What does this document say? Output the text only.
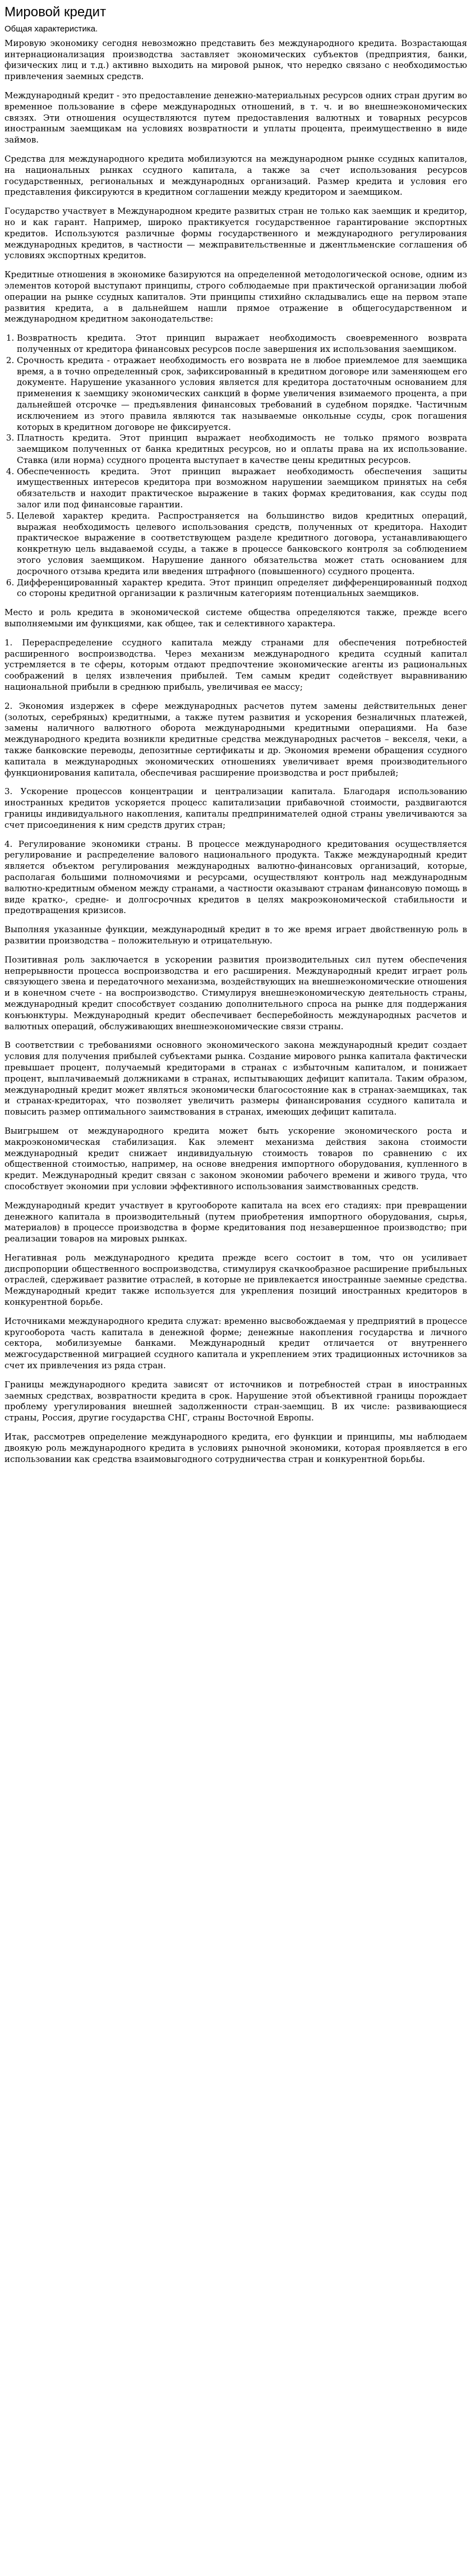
Мировой кредит
Общая характеристика.

Мировую экономику сегодня невозможно представить без международного кредита. Возрастающая интернационализация производства заставляет экономических субъектов (предприятия, банки, физических лиц и т.д.) активно выходить на мировой рынок, что нередко связано с необходимостью привлечения заемных средств.

Международный кредит - это предоставление денежно-материальных ресурсов одних стран другим во временное пользование в сфере международных отношений, в т. ч. и во внешнеэкономических связях. Эти отношения осуществляются путем предоставления валютных и товарных ресурсов иностранным заемщикам на условиях возвратности и уплаты процента, преимущественно в виде займов.

Средства для международного кредита мобилизуются на международном рынке ссудных капиталов, на национальных рынках ссудного капитала, а также за счет использования ресурсов государственных, региональных и международных организаций. Размер кредита и условия его представления фиксируются в кредитном соглашении между кредитором и заемщиком.

Государство участвует в Международном кредите развитых стран не только как заемщик и кредитор, но и как гарант. Например, широко практикуется государственное гарантирование экспортных кредитов. Используются различные формы государственного и международного регулирования международных кредитов, в частности — межправительственные и джентльменские соглашения об условиях экспортных кредитов.

Кредитные отношения в экономике базируются на определенной методологической основе, одним из элементов которой выступают принципы, строго соблюдаемые при практической организации любой операции на рынке ссудных капиталов. Эти принципы стихийно складывались еще на первом этапе развития кредита, а в дальнейшем нашли прямое отражение в общегосударственном и международном кредитном законодательстве:

1. Возвратность кредита. Этот принцип выражает необходимость своевременного возврата полученных от кредитора финансовых ресурсов после завершения их использования заемщиком.
2. Срочность кредита - отражает необходимость его возврата не в любое приемлемое для заемщика время, а в точно определенный срок, зафиксированный в кредитном договоре или заменяющем его документе. Нарушение указанного условия является для кредитора достаточным основанием для применения к заемщику экономических санкций в форме увеличения взимаемого процента, а при дальнейшей отсрочке — предъявления финансовых требований в судебном порядке. Частичным исключением из этого правила являются так называемые онкольные ссуды, срок погашения которых в кредитном договоре не фиксируется.
3. Платность кредита. Этот принцип выражает необходимость не только прямого возврата заемщиком полученных от банка кредитных ресурсов, но и оплаты права на их использование. Ставка (или норма) ссудного процента выступает в качестве цены кредитных ресурсов.
4. Обеспеченность кредита. Этот принцип выражает необходимость обеспечения защиты имущественных интересов кредитора при возможном нарушении заемщиком принятых на себя обязательств и находит практическое выражение в таких формах кредитования, как ссуды под залог или под финансовые гарантии.
5. Целевой характер кредита. Распространяется на большинство видов кредитных операций, выражая необходимость целевого использования средств, полученных от кредитора. Находит практическое выражение в соответствующем разделе кредитного договора, устанавливающего конкретную цель выдаваемой ссуды, а также в процессе банковского контроля за соблюдением этого условия заемщиком. Нарушение данного обязательства может стать основанием для досрочного отзыва кредита или введения штрафного (повышенного) ссудного процента.
6. Дифференцированный характер кредита. Этот принцип определяет дифференцированный подход со стороны кредитной организации к различным категориям потенциальных заемщиков.

Место и роль кредита в экономической системе общества определяются также, прежде всего выполняемыми им функциями, как общее, так и селективного характера.

1. Перераспределение ссудного капитала между странами для обеспечения потребностей расширенного воспроизводства. Через механизм международного кредита ссудный капитал устремляется в те сферы, которым отдают предпочтение экономические агенты из рациональных соображений в целях извлечения прибылей. Тем самым кредит содействует выравниванию национальной прибыли в среднюю прибыль, увеличивая ее массу;

2. Экономия издержек в сфере международных расчетов путем замены действительных денег (золотых, серебряных) кредитными, а также путем развития и ускорения безналичных платежей, замены наличного валютного оборота международными кредитными операциями. На базе международного кредита возникли кредитные средства международных расчетов – векселя, чеки, а также банковские переводы, депозитные сертификаты и др. Экономия времени обращения ссудного капитала в международных экономических отношениях увеличивает время производительного функционирования капитала, обеспечивая расширение производства и рост прибылей;

3. Ускорение процессов концентрации и централизации капитала. Благодаря использованию иностранных кредитов ускоряется процесс капитализации прибавочной стоимости, раздвигаются границы индивидуального накопления, капиталы предпринимателей одной страны увеличиваются за счет присоединения к ним средств других стран;

4. Регулирование экономики страны. В процессе международного кредитования осуществляется регулирование и распределение валового национального продукта. Также международный кредит является объектом регулирования международных валютно-финансовых организаций, которые, располагая большими полномочиями и ресурсами, осуществляют контроль над международным валютно-кредитным обменом между странами, а частности оказывают странам финансовую помощь в виде кратко-, средне- и долгосрочных кредитов в целях макроэкономической стабильности и предотвращения кризисов.

Выполняя указанные функции, международный кредит в то же время играет двойственную роль в развитии производства – положительную и отрицательную.

Позитивная роль заключается в ускорении развития производительных сил путем обеспечения непрерывности процесса воспроизводства и его расширения. Международный кредит играет роль связующего звена и передаточного механизма, воздействующих на внешнеэкономические отношения и в конечном счете - на воспроизводство. Стимулируя внешнеэкономическую деятельность страны, международный кредит способствует созданию дополнительного спроса на рынке для поддержания конъюнктуры. Международный кредит обеспечивает бесперебойность международных расчетов и валютных операций, обслуживающих внешнеэкономические связи страны.

В соответствии с требованиями основного экономического закона международный кредит создает условия для получения прибылей субъектами рынка. Создание мирового рынка капитала фактически превышает процент, получаемый кредиторами в странах с избыточным капиталом, и понижает процент, выплачиваемый должниками в странах, испытывающих дефицит капитала. Таким образом, международный кредит может являться экономически благосостояние как в странах-заемщиках, так и странах-кредиторах, что позволяет увеличить размеры финансирования ссудного капитала и повысить размер оптимального заимствования в странах, имеющих дефицит капитала.

Выигрышем от международного кредита может быть ускорение экономического роста и макроэкономическая стабилизация. Как элемент механизма действия закона стоимости международный кредит снижает индивидуальную стоимость товаров по сравнению с их общественной стоимостью, например, на основе внедрения импортного оборудования, купленного в кредит. Международный кредит связан с законом экономии рабочего времени и живого труда, что способствует экономии при условии эффективного использования заимствованных средств.

Международный кредит участвует в кругообороте капитала на всех его стадиях: при превращении денежного капитала в производительный (путем приобретения импортного оборудования, сырья, материалов) в процессе производства в форме кредитования под незавершенное производство; при реализации товаров на мировых рынках.

Негативная роль международного кредита прежде всего состоит в том, что он усиливает диспропорции общественного воспроизводства, стимулируя скачкообразное расширение прибыльных отраслей, сдерживает развитие отраслей, в которые не привлекается иностранные заемные средства. Международный кредит также используется для укрепления позиций иностранных кредиторов в конкурентной борьбе.

Источниками международного кредита служат: временно высвобождаемая у предприятий в процессе кругооборота часть капитала в денежной форме; денежные накопления государства и личного сектора, мобилизуемые банками. Международный кредит отличается от внутреннего межгосударственной миграцией ссудного капитала и укреплением этих традиционных источников за счет их привлечения из ряда стран.

Границы международного кредита зависят от источников и потребностей стран в иностранных заемных средствах, возвратности кредита в срок. Нарушение этой объективной границы порождает проблему урегулирования внешней задолженности стран-заемщиц. В их числе: развивающиеся страны, Россия, другие государства СНГ, страны Восточной Европы.

Итак, рассмотрев определение международного кредита, его функции и принципы, мы наблюдаем двоякую роль международного кредита в условиях рыночной экономики, которая проявляется в его использовании как средства взаимовыгодного сотрудничества стран и конкурентной борьбы.
